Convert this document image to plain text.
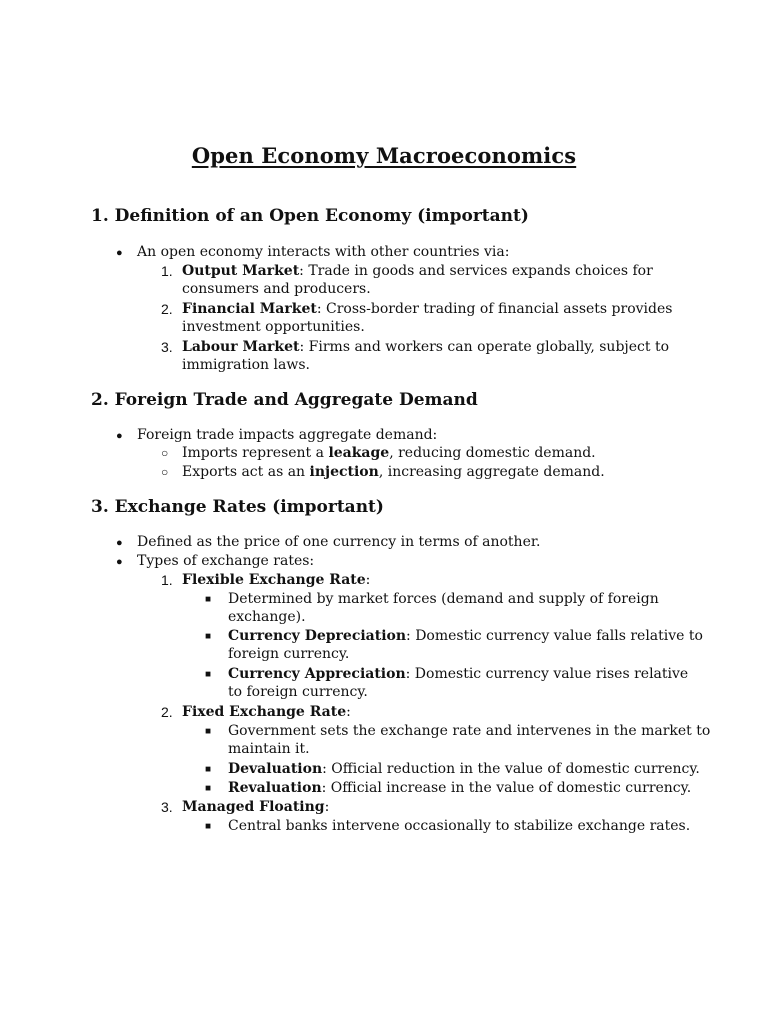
Open Economy Macroeconomics
1. Definition of an Open Economy (important)
● An open economy interacts with other countries via:
1. Output Market: Trade in goods and services expands choices for
consumers and producers.
2. Financial Market: Cross-border trading of financial assets provides
investment opportunities.
3. Labour Market: Firms and workers can operate globally, subject to
immigration laws.
2. Foreign Trade and Aggregate Demand
● Foreign trade impacts aggregate demand:
○ Imports represent a leakage, reducing domestic demand.
○ Exports act as an injection, increasing aggregate demand.
3. Exchange Rates (important)
● Defined as the price of one currency in terms of another.
● Types of exchange rates:
1. Flexible Exchange Rate:
■ Determined by market forces (demand and supply of foreign
exchange).
■ Currency Depreciation: Domestic currency value falls relative to
foreign currency.
■ Currency Appreciation: Domestic currency value rises relative
to foreign currency.
2. Fixed Exchange Rate:
■ Government sets the exchange rate and intervenes in the market to
maintain it.
■ Devaluation: Official reduction in the value of domestic currency.
■ Revaluation: Official increase in the value of domestic currency.
3. Managed Floating:
■ Central banks intervene occasionally to stabilize exchange rates.
